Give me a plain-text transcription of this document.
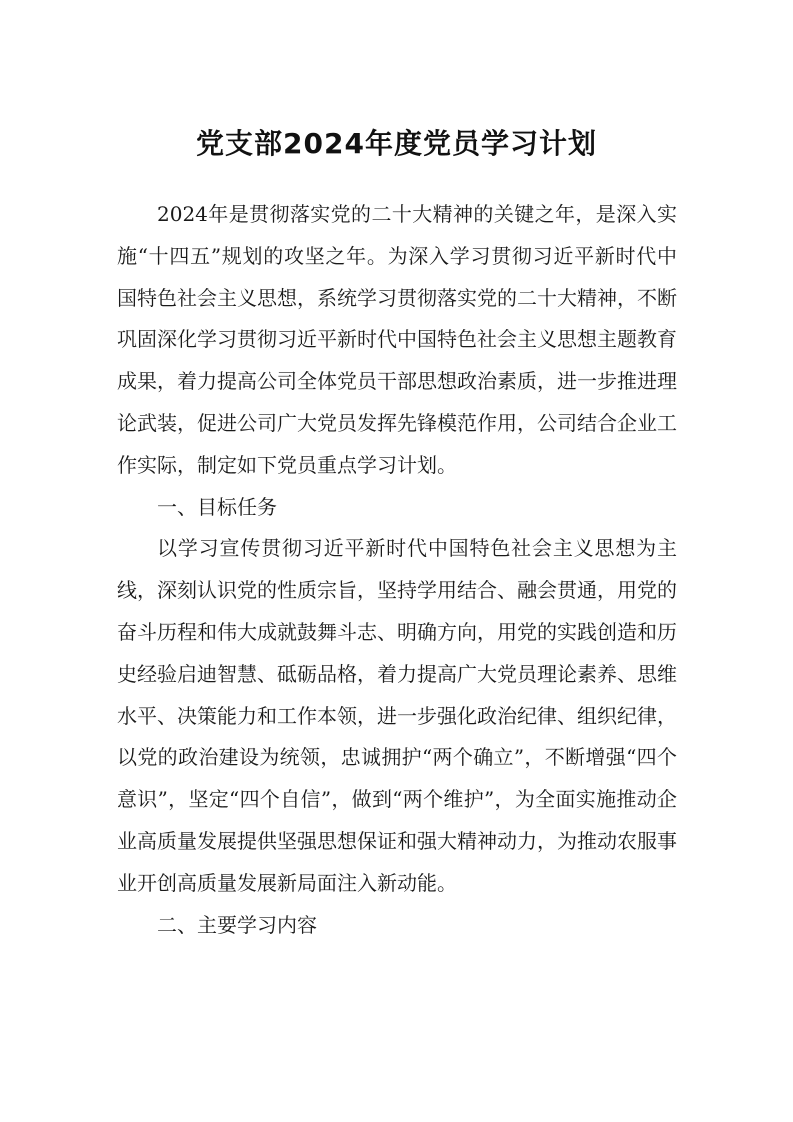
党支部2024年度党员学习计划

2024年是贯彻落实党的二十大精神的关键之年，是深入实施“十四五”规划的攻坚之年。为深入学习贯彻习近平新时代中国特色社会主义思想，系统学习贯彻落实党的二十大精神，不断巩固深化学习贯彻习近平新时代中国特色社会主义思想主题教育成果，着力提高公司全体党员干部思想政治素质，进一步推进理论武装，促进公司广大党员发挥先锋模范作用，公司结合企业工作实际，制定如下党员重点学习计划。

一、目标任务

以学习宣传贯彻习近平新时代中国特色社会主义思想为主线，深刻认识党的性质宗旨，坚持学用结合、融会贯通，用党的奋斗历程和伟大成就鼓舞斗志、明确方向，用党的实践创造和历史经验启迪智慧、砥砺品格，着力提高广大党员理论素养、思维水平、决策能力和工作本领，进一步强化政治纪律、组织纪律，以党的政治建设为统领，忠诚拥护“两个确立”，不断增强“四个意识”，坚定“四个自信”，做到“两个维护”，为全面实施推动企业高质量发展提供坚强思想保证和强大精神动力，为推动农服事业开创高质量发展新局面注入新动能。

二、主要学习内容
